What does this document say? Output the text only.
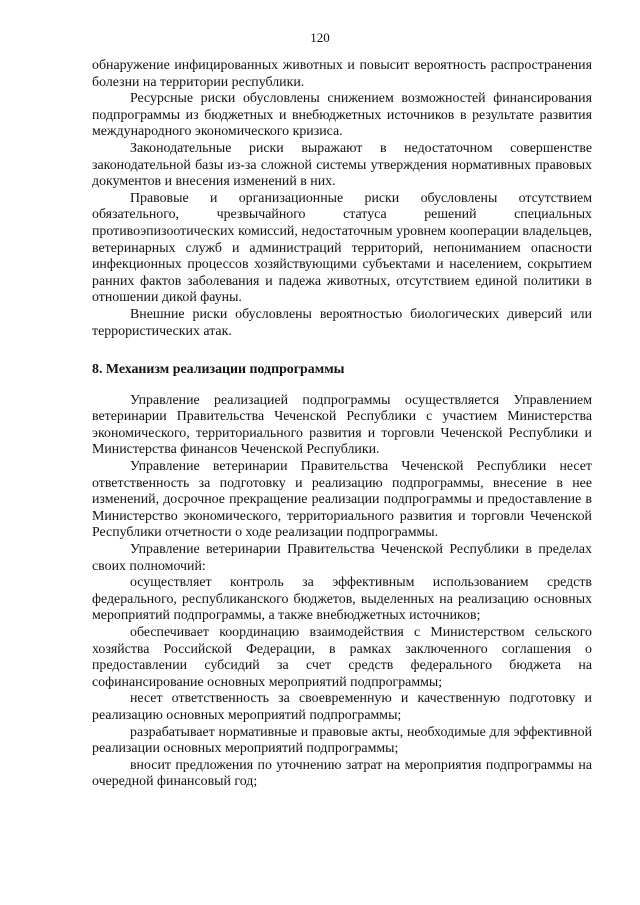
120

обнаружение инфицированных животных и повысит вероятность распространения болезни на территории республики.

Ресурсные риски обусловлены снижением возможностей финансирования подпрограммы из бюджетных и внебюджетных источников в результате развития международного экономического кризиса.

Законодательные риски выражают в недостаточном совершенстве законодательной базы из-за сложной системы утверждения нормативных правовых документов и внесения изменений в них.

Правовые и организационные риски обусловлены отсутствием обязательного, чрезвычайного статуса решений специальных противоэпизоотических комиссий, недостаточным уровнем кооперации владельцев, ветеринарных служб и администраций территорий, непониманием опасности инфекционных процессов хозяйствующими субъектами и населением, сокрытием ранних фактов заболевания и падежа животных, отсутствием единой политики в отношении дикой фауны.

Внешние риски обусловлены вероятностью биологических диверсий или террористических атак.

8. Механизм реализации подпрограммы

Управление реализацией подпрограммы осуществляется Управлением ветеринарии Правительства Чеченской Республики с участием Министерства экономического, территориального развития и торговли Чеченской Республики и Министерства финансов Чеченской Республики.

Управление ветеринарии Правительства Чеченской Республики несет ответственность за подготовку и реализацию подпрограммы, внесение в нее изменений, досрочное прекращение реализации подпрограммы и предоставление в Министерство экономического, территориального развития и торговли Чеченской Республики отчетности о ходе реализации подпрограммы.

Управление ветеринарии Правительства Чеченской Республики в пределах своих полномочий:

осуществляет контроль за эффективным использованием средств федерального, республиканского бюджетов, выделенных на реализацию основных мероприятий подпрограммы, а также внебюджетных источников;

обеспечивает координацию взаимодействия с Министерством сельского хозяйства Российской Федерации, в рамках заключенного соглашения о предоставлении субсидий за счет средств федерального бюджета на софинансирование основных мероприятий подпрограммы;

несет ответственность за своевременную и качественную подготовку и реализацию основных мероприятий подпрограммы;

разрабатывает нормативные и правовые акты, необходимые для эффективной реализации основных мероприятий подпрограммы;

вносит предложения по уточнению затрат на мероприятия подпрограммы на очередной финансовый год;
